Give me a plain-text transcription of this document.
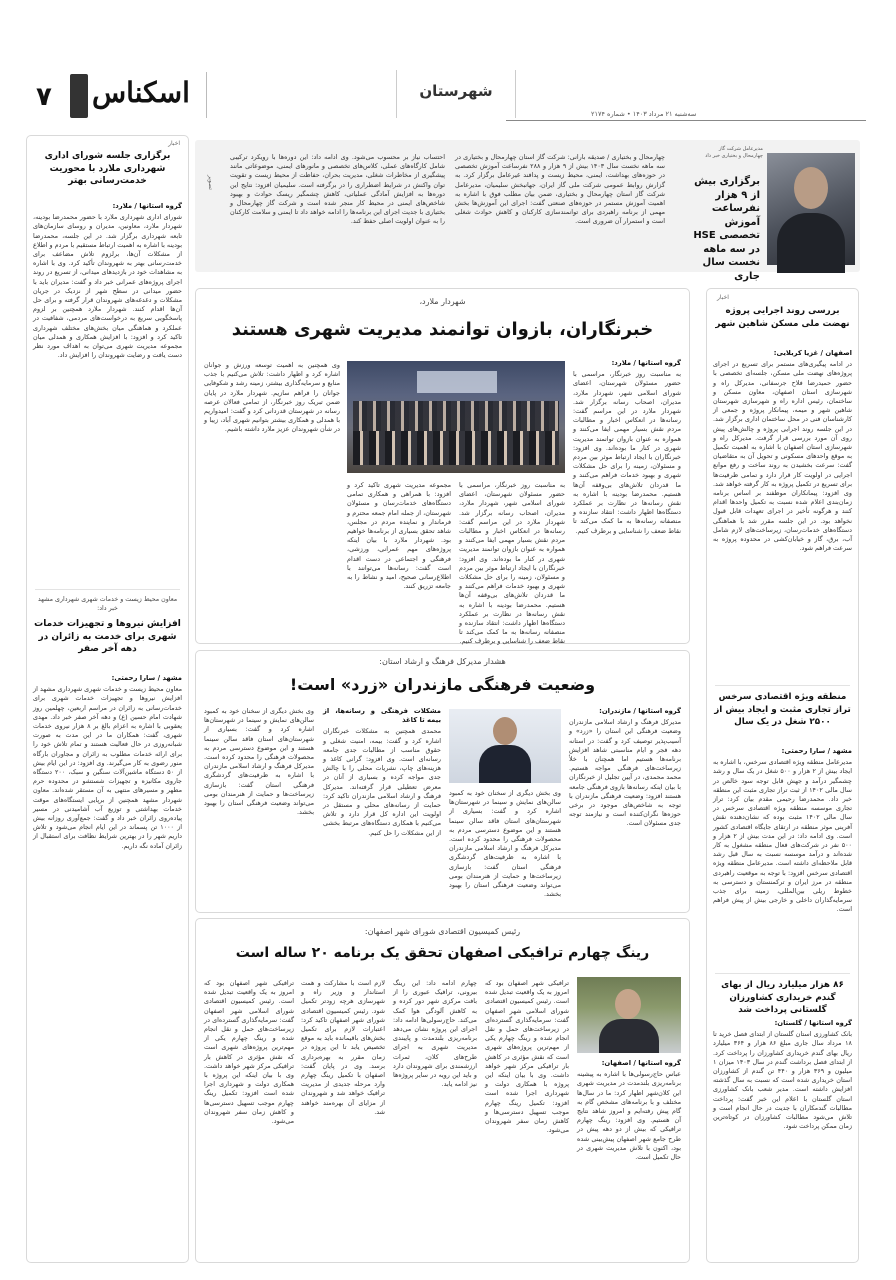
۷ اسکناس	شهرستان
سه‌شنبه ۲۱ مرداد ۱۴۰۳ • شماره ۲۱۷۴
مدیرعامل شرکت گاز چهارمحال و بختیاری خبر داد
برگزاری بیش از ۹ هزار نفرساعت آموزش تخصصی HSE در سه ماهه نخست سال جاری
چهارمحال و بختیاری / صدیقه بارانی: شرکت گاز استان چهارمحال و بختیاری در سه ماهه نخست سال ۱۴۰۳ بیش از ۹ هزار و ۲۸۸ نفرساعت آموزش تخصصی در حوزه‌های بهداشت، ایمنی، محیط زیست و پدافند غیرعامل برگزار کرد. به گزارش روابط عمومی شرکت ملی گاز ایران، جهانبخش سلیمیان، مدیرعامل شرکت گاز استان چهارمحال و بختیاری، ضمن بیان مطلب فوق با اشاره به اهمیت آموزش مستمر در حوزه‌های صنعتی گفت: اجرای این آموزش‌ها بخش مهمی از برنامه راهبردی برای توانمندسازی کارکنان و کاهش حوادث شغلی است و استمرار آن ضروری است.
احتساب نیاز بر محسوب می‌شود. وی ادامه داد: این دوره‌ها با رویکرد ترکیبی شامل کارگاه‌های عملی، کلاس‌های تخصصی و مانورهای ایمنی، موضوعاتی مانند پیشگیری از مخاطرات شغلی، مدیریت بحران، حفاظت از محیط زیست و تقویت توان واکنش در شرایط اضطراری را در برگرفته است. سلیمیان افزود: نتایج این دوره‌ها به افزایش آمادگی عملیاتی، کاهش چشمگیر ریسک حوادث و بهبود شاخص‌های ایمنی در محیط کار منجر شده است و شرکت گاز چهارمحال و بختیاری با جدیت اجرای این برنامه‌ها را ادامه خواهد داد تا ایمنی و سلامت کارکنان را به عنوان اولویت اصلی حفظ کند.
تصویر
اخبار
برگزاری جلسه شورای اداری شهرداری ملارد با محوریت خدمت‌رسانی بهتر
گروه استانها / ملارد:
شورای اداری شهرداری ملارد با حضور محمدرضا بودینه، شهردار ملارد، معاونین، مدیران و روسای سازمان‌های تابعه شهرداری برگزار شد. در این جلسه، محمدرضا بودینه با اشاره به اهمیت ارتباط مستقیم با مردم و اطلاع از مشکلات آن‌ها، برلزوم تلاش مضاعف برای خدمت‌رسانی بهتر به شهروندان تأکید کرد. وی با اشاره به مشاهدات خود در بازدیدهای میدانی، از تسریع در روند اجرای پروژه‌های عمرانی خبر داد و گفت: مدیران باید با حضور میدانی در سطح شهر از نزدیک در جریان مشکلات و دغدغه‌های شهروندان قرار گرفته و برای حل آن‌ها اقدام کنند. شهردار ملارد همچنین بر لزوم پاسخگویی سریع به درخواست‌های مردمی، شفافیت در عملکرد و هماهنگی میان بخش‌های مختلف شهرداری تاکید کرد و افزود: با افزایش همکاری و همدلی میان مجموعه مدیریت شهری می‌توان به اهداف مورد نظر دست یافت و رضایت شهروندان را افزایش داد.
معاون محیط زیست و خدمات شهری شهرداری مشهد خبر داد:
افزایش نیروها و تجهیزات خدمات شهری برای خدمت به زائران در دهه آخر صفر
مشهد / سارا رحمتی:
معاون محیط زیست و خدمات شهری شهرداری مشهد از افزایش نیروها و تجهیزات خدمات شهری برای خدمات‌رسانی به زائران در مراسم اربعین، چهلمین روز شهادت امام حسین (ع) و دهه آخر صفر خبر داد. مهدی یعقوبی با اشاره به اعزام بالغ بر ۸ هزار نیروی خدمات شهری، گفت: همکاران ما در این مدت به صورت شبانه‌روزی در حال فعالیت هستند و تمام تلاش خود را برای ارائه خدمات مطلوب به زائران و مجاوران بارگاه منور رضوی به کار می‌گیرند. وی افزود: در این ایام بیش از ۵۰ دستگاه ماشین‌آلات سنگین و سبک، ۲۰۰ دستگاه جاروی مکانیزه و تجهیزات شستشو در محدوده حرم مطهر و مسیرهای منتهی به آن مستقر شده‌اند. معاون شهردار مشهد همچنین از برپایی ایستگاه‌های موقت خدمات بهداشتی و توزیع آب آشامیدنی در مسیر پیاده‌روی زائران خبر داد و گفت: جمع‌آوری روزانه بیش از ۱۰۰۰ تن پسماند در این ایام انجام می‌شود و تلاش داریم شهر را در بهترین شرایط نظافت برای استقبال از زائران آماده نگه داریم.
اخبار
بررسی روند اجرایی پروژه نهضت ملی مسکن شاهین شهر
اصفهان / غزیا کربلایی:
در ادامه پیگیری‌های مستمر برای تسریع در اجرای پروژه‌های نهضت ملی مسکن، جلسه‌ای تخصصی با حضور حمیدرضا فلاح جرسفانی، مدیرکل راه و شهرسازی استان اصفهان، معاون مسکن و ساختمان، رئیس اداره راه و شهرسازی شهرستان شاهین شهر و میمه، پیمانکار پروژه و جمعی از کارشناسان فنی در محل ساختمان اداری برگزار شد. در این جلسه روند اجرایی پروژه و چالش‌های پیش روی آن مورد بررسی قرار گرفت. مدیرکل راه و شهرسازی استان اصفهان با اشاره به اهمیت تکمیل به موقع واحدهای مسکونی و تحویل آن به متقاضیان گفت: سرعت بخشیدن به روند ساخت و رفع موانع اجرایی در اولویت کار قرار دارد و تمامی ظرفیت‌ها برای تسریع در تکمیل پروژه به کار گرفته خواهد شد. وی افزود: پیمانکاران موظفند بر اساس برنامه زمان‌بندی اعلام شده نسبت به تکمیل واحدها اقدام کنند و هرگونه تأخیر در اجرای تعهدات قابل قبول نخواهد بود. در این جلسه مقرر شد با هماهنگی دستگاه‌های خدمات‌رسان، زیرساخت‌های لازم شامل آب، برق، گاز و خیابان‌کشی در محدوده پروژه به سرعت فراهم شود.
منطقه ویژه اقتصادی سرخس تراز تجاری مثبت و ایجاد بیش از ۲۵۰۰ شغل در یک سال
مشهد / سارا رحمتی:
مدیرعامل منطقه ویژه اقتصادی سرخس، با اشاره به ایجاد بیش از ۲ هزار و ۵۰۰ شغل در یک سال و رشد چشمگیر درآمد و جهش قابل توجه سود خالص در سال مالی ۱۴۰۲ از ثبت تراز تجاری مثبت این منطقه خبر داد. محمدرضا رحیمی مقدم بیان کرد: تراز تجاری موسسه منطقه ویژه اقتصادی سرخس در سال مالی ۱۴۰۲ مثبت بوده که نشان‌دهنده نقش آفرینی موثر منطقه در ارتقای جایگاه اقتصادی کشور است. وی ادامه داد: در این مدت بیش از ۲ هزار و ۵۰۰ نفر در شرکت‌های فعال منطقه مشغول به کار شده‌اند و درآمد موسسه نسبت به سال قبل رشد قابل ملاحظه‌ای داشته است. مدیرعامل منطقه ویژه اقتصادی سرخس افزود: با توجه به موقعیت راهبردی منطقه در مرز ایران و ترکمنستان و دسترسی به خطوط ریلی بین‌المللی، زمینه برای جذب سرمایه‌گذاران داخلی و خارجی بیش از پیش فراهم است.
۸۶ هزار میلیارد ریال از بهای گندم خریداری کشاورزان گلستانی پرداخت شد
گروه استانها / گلستان:
بانک کشاورزی استان گلستان از ابتدای فصل خرید تا ۱۸ مرداد سال جاری مبلغ ۸۶ هزار و ۳۶۴ میلیارد ریال بهای گندم خریداری کشاورزان را پرداخت کرد. از ابتدای فصل برداشت گندم در سال ۱۴۰۳ میزان ۱ میلیون و ۳۶۹ هزار و ۴۴۰ تن گندم از کشاورزان استان خریداری شده است که نسبت به سال گذشته افزایش داشته است. مدیر شعب بانک کشاورزی استان گلستان با اعلام این خبر گفت: پرداخت مطالبات گندمکاران با جدیت در حال انجام است و تلاش می‌شود مطالبات کشاورزان در کوتاه‌ترین زمان ممکن پرداخت شود.
شهردار ملارد،
خبرنگاران، بازوان توانمند مدیریت شهری هستند
گروه استانها / ملارد:
به مناسبت روز خبرنگار، مراسمی با حضور مسئولان شهرستان، اعضای شورای اسلامی شهر، شهردار ملارد، مدیران، اصحاب رسانه برگزار شد. شهردار ملارد در این مراسم گفت: رسانه‌ها در انعکاس اخبار و مطالبات مردم نقش بسیار مهمی ایفا می‌کنند و همواره به عنوان بازوان توانمند مدیریت شهری در کنار ما بوده‌اند. وی افزود: خبرنگاران با ایجاد ارتباط موثر بین مردم و مسئولان، زمینه را برای حل مشکلات شهری و بهبود خدمات فراهم می‌کنند و ما قدردان تلاش‌های بی‌وقفه آن‌ها هستیم. محمدرضا بودینه با اشاره به نقش رسانه‌ها در نظارت بر عملکرد دستگاه‌ها اظهار داشت: انتقاد سازنده و منصفانه رسانه‌ها به ما کمک می‌کند تا نقاط ضعف را شناسایی و برطرف کنیم.
مجموعه مدیریت شهری تاکید کرد و افزود: با همراهی و همکاری تمامی دستگاه‌های خدمات‌رسان و مسئولان شهرستان، از جمله امام جمعه محترم و فرماندار و نماینده مردم در مجلس، شاهد تحقق بسیاری از برنامه‌ها خواهیم بود. شهردار ملارد با بیان اینکه پروژه‌های مهم عمرانی، ورزشی، فرهنگی و اجتماعی در دست اقدام است گفت: رسانه‌ها می‌توانند با اطلاع‌رسانی صحیح، امید و نشاط را به جامعه تزریق کنند.
به مناسبت روز خبرنگار، مراسمی با حضور مسئولان شهرستان، اعضای شورای اسلامی شهر، شهردار ملارد، مدیران، اصحاب رسانه برگزار شد. شهردار ملارد در این مراسم گفت: رسانه‌ها در انعکاس اخبار و مطالبات مردم نقش بسیار مهمی ایفا می‌کنند و همواره به عنوان بازوان توانمند مدیریت شهری در کنار ما بوده‌اند. وی افزود: خبرنگاران با ایجاد ارتباط موثر بین مردم و مسئولان، زمینه را برای حل مشکلات شهری و بهبود خدمات فراهم می‌کنند و ما قدردان تلاش‌های بی‌وقفه آن‌ها هستیم. محمدرضا بودینه با اشاره به نقش رسانه‌ها در نظارت بر عملکرد دستگاه‌ها اظهار داشت: انتقاد سازنده و منصفانه رسانه‌ها به ما کمک می‌کند تا نقاط ضعف را شناسایی و برطرف کنیم.
وی همچنین به اهمیت توسعه ورزش و جوانان اشاره کرد و اظهار داشت: تلاش می‌کنیم با جذب منابع و سرمایه‌گذاری بیشتر، زمینه رشد و شکوفایی جوانان را فراهم سازیم. شهردار ملارد در پایان ضمن تبریک روز خبرنگار، از تمامی فعالان عرصه رسانه در شهرستان قدردانی کرد و گفت: امیدواریم با همدلی و همکاری بیشتر بتوانیم شهری آباد، زیبا و در شأن شهروندان عزیز ملارد داشته باشیم.
هشدار مدیرکل فرهنگ و ارشاد استان:
وضعیت فرهنگی مازندران «زرد» است!
گروه استانها / مازندران:
مدیرکل فرهنگ و ارشاد اسلامی مازندران وضعیت فرهنگی این استان را «زرد» و آسیب‌پذیر توصیف کرد و گفت: در استانه دهه فجر و ایام مناسبتی شاهد افزایش برنامه‌ها هستیم اما همچنان با خلأ زیرساخت‌های فرهنگی مواجه هستیم. محمد محمدی، در آیین تجلیل از خبرنگاران با بیان اینکه رسانه‌ها بازوی فرهنگی جامعه هستند افزود: وضعیت فرهنگی مازندران با توجه به شاخص‌های موجود در برخی حوزه‌ها نگران‌کننده است و نیازمند توجه جدی مسئولان است.
وی بخش دیگری از سخنان خود به کمبود سالن‌های نمایش و سینما در شهرستان‌ها اشاره کرد و گفت: بسیاری از شهرستان‌های استان فاقد سالن سینما هستند و این موضوع دسترسی مردم به محصولات فرهنگی را محدود کرده است. مدیرکل فرهنگ و ارشاد اسلامی مازندران با اشاره به ظرفیت‌های گردشگری فرهنگی استان گفت: بازسازی زیرساخت‌ها و حمایت از هنرمندان بومی می‌تواند وضعیت فرهنگی استان را بهبود بخشد.
مشکلات فرهنگی و رسانه‌ها، از بیمه تا کاغذ
محمدی همچنین به مشکلات خبرنگاران اشاره کرد و گفت: بیمه، امنیت شغلی و حقوق مناسب از مطالبات جدی جامعه رسانه‌ای است. وی افزود: گرانی کاغذ و هزینه‌های چاپ، نشریات محلی را با چالش جدی مواجه کرده و بسیاری از آنان در معرض تعطیلی قرار گرفته‌اند. مدیرکل فرهنگ و ارشاد اسلامی مازندران تاکید کرد: حمایت از رسانه‌های محلی و مستقل در اولویت این اداره کل قرار دارد و تلاش می‌کنیم با همکاری دستگاه‌های مرتبط بخشی از این مشکلات را حل کنیم.
وی بخش دیگری از سخنان خود به کمبود سالن‌های نمایش و سینما در شهرستان‌ها اشاره کرد و گفت: بسیاری از شهرستان‌های استان فاقد سالن سینما هستند و این موضوع دسترسی مردم به محصولات فرهنگی را محدود کرده است. مدیرکل فرهنگ و ارشاد اسلامی مازندران با اشاره به ظرفیت‌های گردشگری فرهنگی استان گفت: بازسازی زیرساخت‌ها و حمایت از هنرمندان بومی می‌تواند وضعیت فرهنگی استان را بهبود بخشد.
رئیس کمیسیون اقتصادی شورای شهر اصفهان:
رینگ چهارم ترافیکی اصفهان تحقق یک برنامه ۲۰ ساله است
گروه استانها / اصفهان:
عباس حاج‌رسولی‌ها با اشاره به پیشینه برنامه‌ریزی بلندمدت در مدیریت شهری این کلان‌شهر اظهار کرد: ما در سال‌ها مختلف و با برنامه‌های مشخص گام به گام پیش رفته‌ایم و امروز شاهد نتایج آن هستیم. وی افزود: رینگ چهارم ترافیکی که بیش از دو دهه پیش در طرح جامع شهر اصفهان پیش‌بینی شده بود، اکنون با تلاش مدیریت شهری در حال تکمیل است.
ترافیکی شهر اصفهان بود که امروز به یک واقعیت تبدیل شده است. رئیس کمیسیون اقتصادی شورای اسلامی شهر اصفهان گفت: سرمایه‌گذاری گسترده‌ای در زیرساخت‌های حمل و نقل انجام شده و رینگ چهارم یکی از مهم‌ترین پروژه‌های شهری است که نقش مؤثری در کاهش بار ترافیکی مرکز شهر خواهد داشت. وی با بیان اینکه این پروژه با همکاری دولت و شهرداری اجرا شده است افزود: تکمیل رینگ چهارم موجب تسهیل دسترسی‌ها و کاهش زمان سفر شهروندان می‌شود.
چهارم ادامه داد: این رینگ بیرونی، ترافیک عبوری را از بافت مرکزی شهر دور کرده و به کاهش آلودگی هوا کمک می‌کند. حاج‌رسولی‌ها ادامه داد: اجرای این پروژه نشان می‌دهد برنامه‌ریزی بلندمدت و پایبندی مدیریت شهری به اجرای طرح‌های کلان، ثمرات ارزشمندی برای شهروندان دارد و باید این رویه در سایر پروژه‌ها نیز ادامه یابد.
لازم است با مشارکت و همت استاندار و وزیر راه و شهرسازی هرچه زودتر تکمیل شود. رئیس کمیسیون اقتصادی شورای شهر اصفهان تاکید کرد: اعتبارات لازم برای تکمیل بخش‌های باقیمانده باید به موقع تخصیص یابد تا این پروژه در زمان مقرر به بهره‌برداری برسد. وی در پایان گفت: اصفهان با تکمیل رینگ چهارم وارد مرحله جدیدی از مدیریت ترافیک خواهد شد و شهروندان از مزایای آن بهره‌مند خواهند شد.
ترافیکی شهر اصفهان بود که امروز به یک واقعیت تبدیل شده است. رئیس کمیسیون اقتصادی شورای اسلامی شهر اصفهان گفت: سرمایه‌گذاری گسترده‌ای در زیرساخت‌های حمل و نقل انجام شده و رینگ چهارم یکی از مهم‌ترین پروژه‌های شهری است که نقش مؤثری در کاهش بار ترافیکی مرکز شهر خواهد داشت. وی با بیان اینکه این پروژه با همکاری دولت و شهرداری اجرا شده است افزود: تکمیل رینگ چهارم موجب تسهیل دسترسی‌ها و کاهش زمان سفر شهروندان می‌شود.
